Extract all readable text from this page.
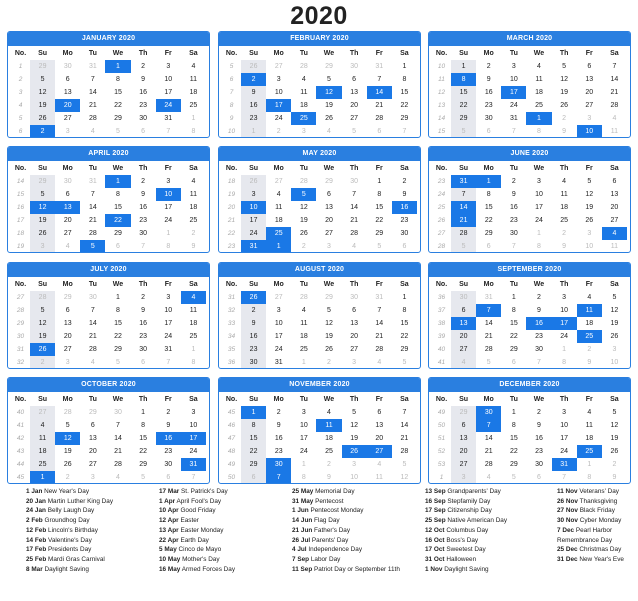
2020
JANUARY 2020
No.	Su	Mo	Tu	We	Th	Fr	Sa
1	29	30	31	1	2	3	4
2	5	6	7	8	9	10	11
3	12	13	14	15	16	17	18
4	19	20	21	22	23	24	25
5	26	27	28	29	30	31	1
6	2	3	4	5	6	7	8
FEBRUARY 2020
No.	Su	Mo	Tu	We	Th	Fr	Sa
5	26	27	28	29	30	31	1
6	2	3	4	5	6	7	8
7	9	10	11	12	13	14	15
8	16	17	18	19	20	21	22
9	23	24	25	26	27	28	29
10	1	2	3	4	5	6	7
MARCH 2020
No.	Su	Mo	Tu	We	Th	Fr	Sa
10	1	2	3	4	5	6	7
11	8	9	10	11	12	13	14
12	15	16	17	18	19	20	21
13	22	23	24	25	26	27	28
14	29	30	31	1	2	3	4
15	5	6	7	8	9	10	11
APRIL 2020
No.	Su	Mo	Tu	We	Th	Fr	Sa
14	29	30	31	1	2	3	4
15	5	6	7	8	9	10	11
16	12	13	14	15	16	17	18
17	19	20	21	22	23	24	25
18	26	27	28	29	30	1	2
19	3	4	5	6	7	8	9
MAY 2020
No.	Su	Mo	Tu	We	Th	Fr	Sa
18	26	27	28	29	30	1	2
19	3	4	5	6	7	8	9
20	10	11	12	13	14	15	16
21	17	18	19	20	21	22	23
22	24	25	26	27	28	29	30
23	31	1	2	3	4	5	6
JUNE 2020
No.	Su	Mo	Tu	We	Th	Fr	Sa
23	31	1	2	3	4	5	6
24	7	8	9	10	11	12	13
25	14	15	16	17	18	19	20
26	21	22	23	24	25	26	27
27	28	29	30	1	2	3	4
28	5	6	7	8	9	10	11
JULY 2020
No.	Su	Mo	Tu	We	Th	Fr	Sa
27	28	29	30	1	2	3	4
28	5	6	7	8	9	10	11
29	12	13	14	15	16	17	18
30	19	20	21	22	23	24	25
31	26	27	28	29	30	31	1
32	2	3	4	5	6	7	8
AUGUST 2020
No.	Su	Mo	Tu	We	Th	Fr	Sa
31	26	27	28	29	30	31	1
32	2	3	4	5	6	7	8
33	9	10	11	12	13	14	15
34	16	17	18	19	20	21	22
35	23	24	25	26	27	28	29
36	30	31	1	2	3	4	5
SEPTEMBER 2020
No.	Su	Mo	Tu	We	Th	Fr	Sa
36	30	31	1	2	3	4	5
37	6	7	8	9	10	11	12
38	13	14	15	16	17	18	19
39	20	21	22	23	24	25	26
40	27	28	29	30	1	2	3
41	4	5	6	7	8	9	10
OCTOBER 2020
No.	Su	Mo	Tu	We	Th	Fr	Sa
40	27	28	29	30	1	2	3
41	4	5	6	7	8	9	10
42	11	12	13	14	15	16	17
43	18	19	20	21	22	23	24
44	25	26	27	28	29	30	31
45	1	2	3	4	5	6	7
NOVEMBER 2020
No.	Su	Mo	Tu	We	Th	Fr	Sa
45	1	2	3	4	5	6	7
46	8	9	10	11	12	13	14
47	15	16	17	18	19	20	21
48	22	23	24	25	26	27	28
49	29	30	1	2	3	4	5
50	6	7	8	9	10	11	12
DECEMBER 2020
No.	Su	Mo	Tu	We	Th	Fr	Sa
49	29	30	1	2	3	4	5
50	6	7	8	9	10	11	12
51	13	14	15	16	17	18	19
52	20	21	22	23	24	25	26
53	27	28	29	30	31	1	2
1	3	4	5	6	7	8	9
1 Jan New Year's Day
20 Jan Martin Luther King Day
24 Jan Belly Laugh Day
2 Feb Groundhog Day
12 Feb Lincoln's Birthday
14 Feb Valentine's Day
17 Feb Presidents Day
25 Feb Mardi Gras Carnival
8 Mar Daylight Saving
17 Mar St. Patrick's Day
1 Apr April Fool's Day
10 Apr Good Friday
12 Apr Easter
13 Apr Easter Monday
22 Apr Earth Day
5 May Cinco de Mayo
10 May Mother's Day
16 May Armed Forces Day
25 May Memorial Day
31 May Pentecost
1 Jun Pentecost Monday
14 Jun Flag Day
21 Jun Father's Day
26 Jul Parents' Day
4 Jul Independence Day
7 Sep Labor Day
11 Sep Patriot Day or September 11th
13 Sep Grandparents' Day
16 Sep Stepfamily Day
17 Sep Citizenship Day
25 Sep Native American Day
12 Oct Columbus Day
16 Oct Boss's Day
17 Oct Sweetest Day
31 Oct Halloween
1 Nov Daylight Saving
11 Nov Veterans' Day
26 Nov Thanksgiving
27 Nov Black Friday
30 Nov Cyber Monday
7 Dec Pearl Harbor Remembrance Day
25 Dec Christmas Day
31 Dec New Year's Eve
